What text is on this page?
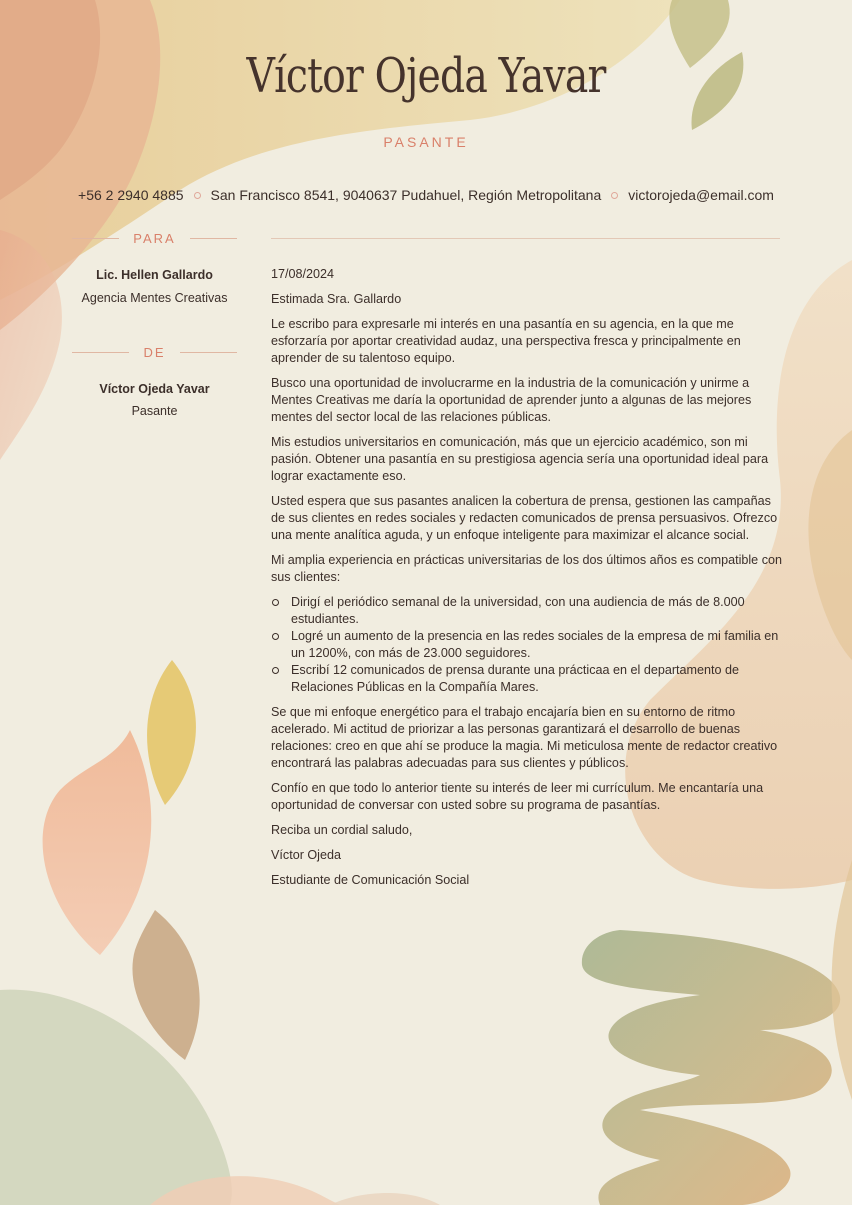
Víctor Ojeda Yavar
PASANTE
+56 2 2940 4885 San Francisco 8541, 9040637 Pudahuel, Región Metropolitana victorojeda@email.com
PARA
Lic. Hellen Gallardo
Agencia Mentes Creativas
DE
Víctor Ojeda Yavar
Pasante

17/08/2024

Estimada Sra. Gallardo

Le escribo para expresarle mi interés en una pasantía en su agencia, en la que me esforzaría por aportar creatividad audaz, una perspectiva fresca y principalmente en aprender de su talentoso equipo.

Busco una oportunidad de involucrarme en la industria de la comunicación y unirme a Mentes Creativas me daría la oportunidad de aprender junto a algunas de las mejores mentes del sector local de las relaciones públicas.

Mis estudios universitarios en comunicación, más que un ejercicio académico, son mi pasión. Obtener una pasantía en su prestigiosa agencia sería una oportunidad ideal para lograr exactamente eso.

Usted espera que sus pasantes analicen la cobertura de prensa, gestionen las campañas de sus clientes en redes sociales y redacten comunicados de prensa persuasivos. Ofrezco una mente analítica aguda, y un enfoque inteligente para maximizar el alcance social.

Mi amplia experiencia en prácticas universitarias de los dos últimos años es compatible con sus clientes:

Dirigí el periódico semanal de la universidad, con una audiencia de más de 8.000 estudiantes.
Logré un aumento de la presencia en las redes sociales de la empresa de mi familia en un 1200%, con más de 23.000 seguidores.
Escribí 12 comunicados de prensa durante una prácticaa en el departamento de Relaciones Públicas en la Compañía Mares.

Se que mi enfoque energético para el trabajo encajaría bien en su entorno de ritmo acelerado. Mi actitud de priorizar a las personas garantizará el desarrollo de buenas relaciones: creo en que ahí se produce la magia. Mi meticulosa mente de redactor creativo encontrará las palabras adecuadas para sus clientes y públicos.

Confío en que todo lo anterior tiente su interés de leer mi currículum. Me encantaría una oportunidad de conversar con usted sobre su programa de pasantías.

Reciba un cordial saludo,

Víctor Ojeda

Estudiante de Comunicación Social
